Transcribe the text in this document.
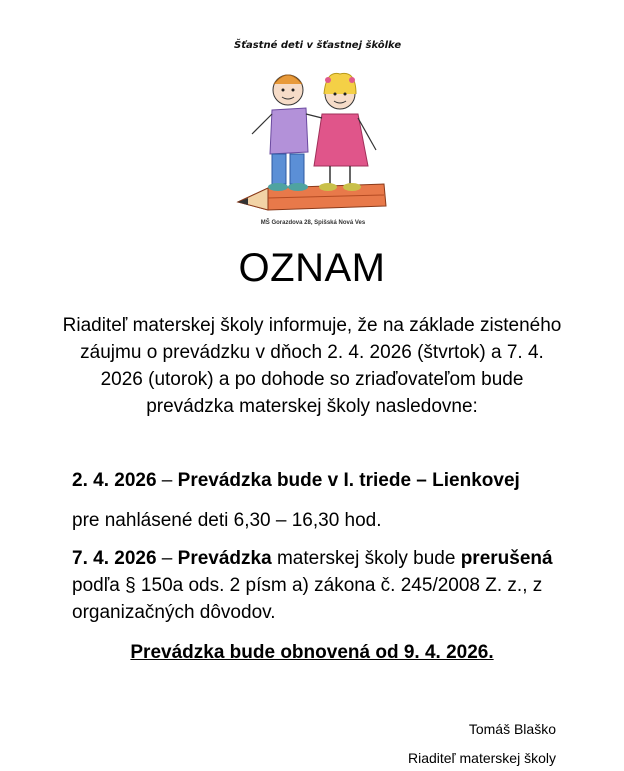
Šťastné deti v šťastnej škôlke
MŠ Gorazdova 28, Spišská Nová Ves
OZNAM
Riaditeľ materskej školy informuje, že na základe zisteného záujmu o prevádzku v dňoch 2. 4. 2026 (štvrtok) a 7. 4. 2026 (utorok) a po dohode so zriaďovateľom bude prevádzka materskej školy nasledovne:
2. 4. 2026 – Prevádzka bude v I. triede – Lienkovej
pre nahlásené deti 6,30 – 16,30 hod.
7. 4. 2026 – Prevádzka materskej školy bude prerušená podľa § 150a ods. 2 písm a) zákona č. 245/2008 Z. z., z organizačných dôvodov.
Prevádzka bude obnovená od 9. 4. 2026.
Tomáš Blaško
Riaditeľ materskej školy
